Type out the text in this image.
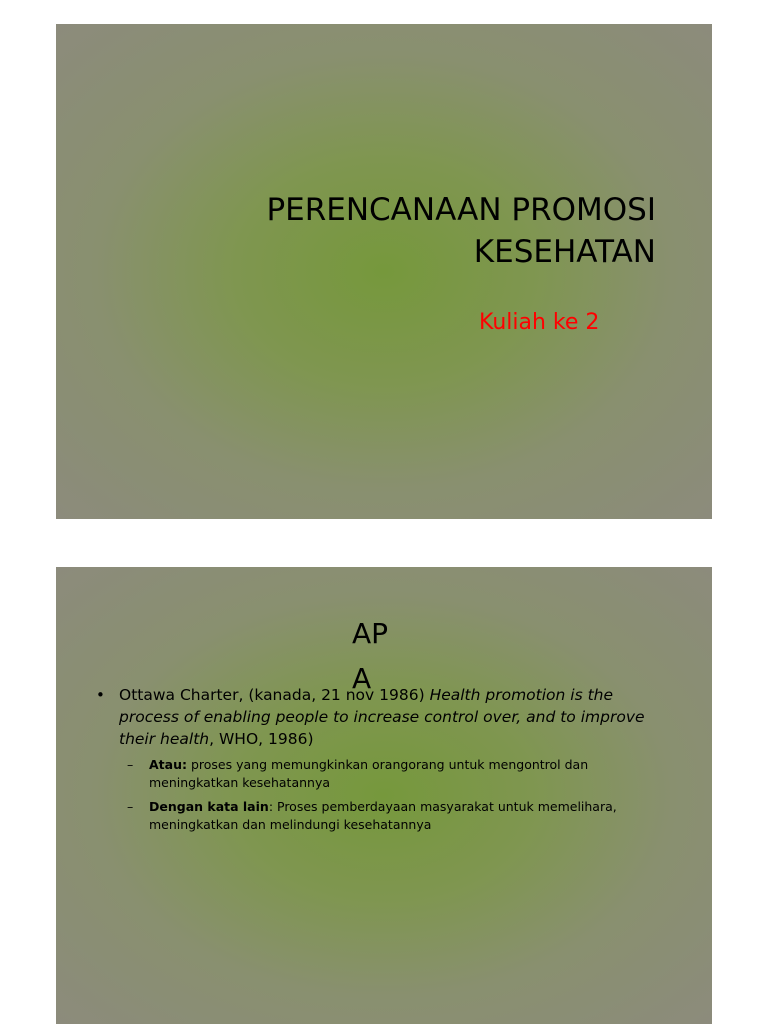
PERENCANAAN PROMOSI
KESEHATAN
Kuliah ke 2
APA
• Ottawa Charter, (kanada, 21 nov 1986) Health promotion is the process of enabling people to increase control over, and to improve their health, WHO, 1986)
– Atau: proses yang memungkinkan orangorang untuk mengontrol dan meningkatkan kesehatannya
– Dengan kata lain: Proses pemberdayaan masyarakat untuk memelihara, meningkatkan dan melindungi kesehatannya
